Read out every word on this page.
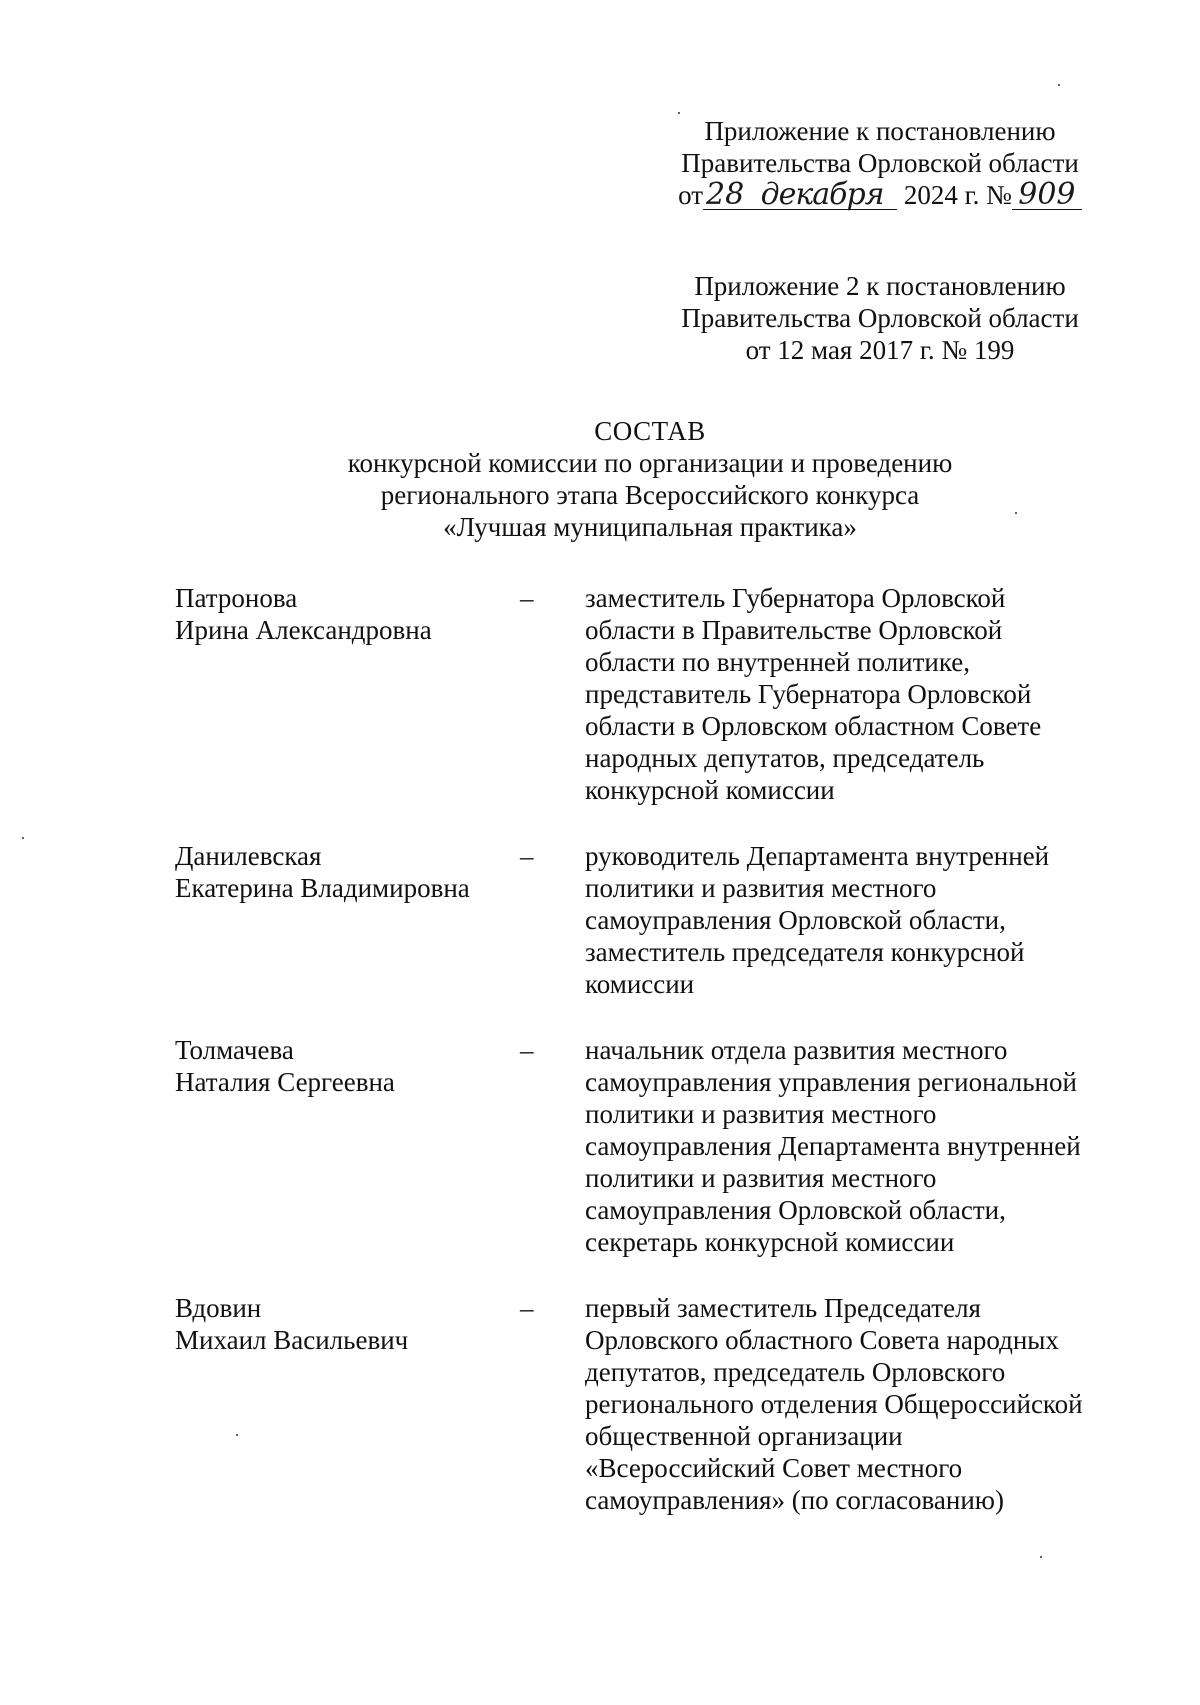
Приложение к постановлению
Правительства Орловской области
от28 декабря 2024 г. № 909
Приложение 2 к постановлению
Правительства Орловской области
от 12 мая 2017 г. № 199
СОСТАВ
конкурсной комиссии по организации и проведению
регионального этапа Всероссийского конкурса
«Лучшая муниципальная практика»
Патронова
Ирина Александровна
–	заместитель Губернатора Орловской
области в Правительстве Орловской
области по внутренней политике,
представитель Губернатора Орловской
области в Орловском областном Совете
народных депутатов, председатель
конкурсной комиссии
Данилевская
Екатерина Владимировна
–	руководитель Департамента внутренней
политики и развития местного
самоуправления Орловской области,
заместитель председателя конкурсной
комиссии
Толмачева
Наталия Сергеевна
–	начальник отдела развития местного
самоуправления управления региональной
политики и развития местного
самоуправления Департамента внутренней
политики и развития местного
самоуправления Орловской области,
секретарь конкурсной комиссии
Вдовин
Михаил Васильевич
–	первый заместитель Председателя
Орловского областного Совета народных
депутатов, председатель Орловского
регионального отделения Общероссийской
общественной организации
«Всероссийский Совет местного
самоуправления» (по согласованию)
